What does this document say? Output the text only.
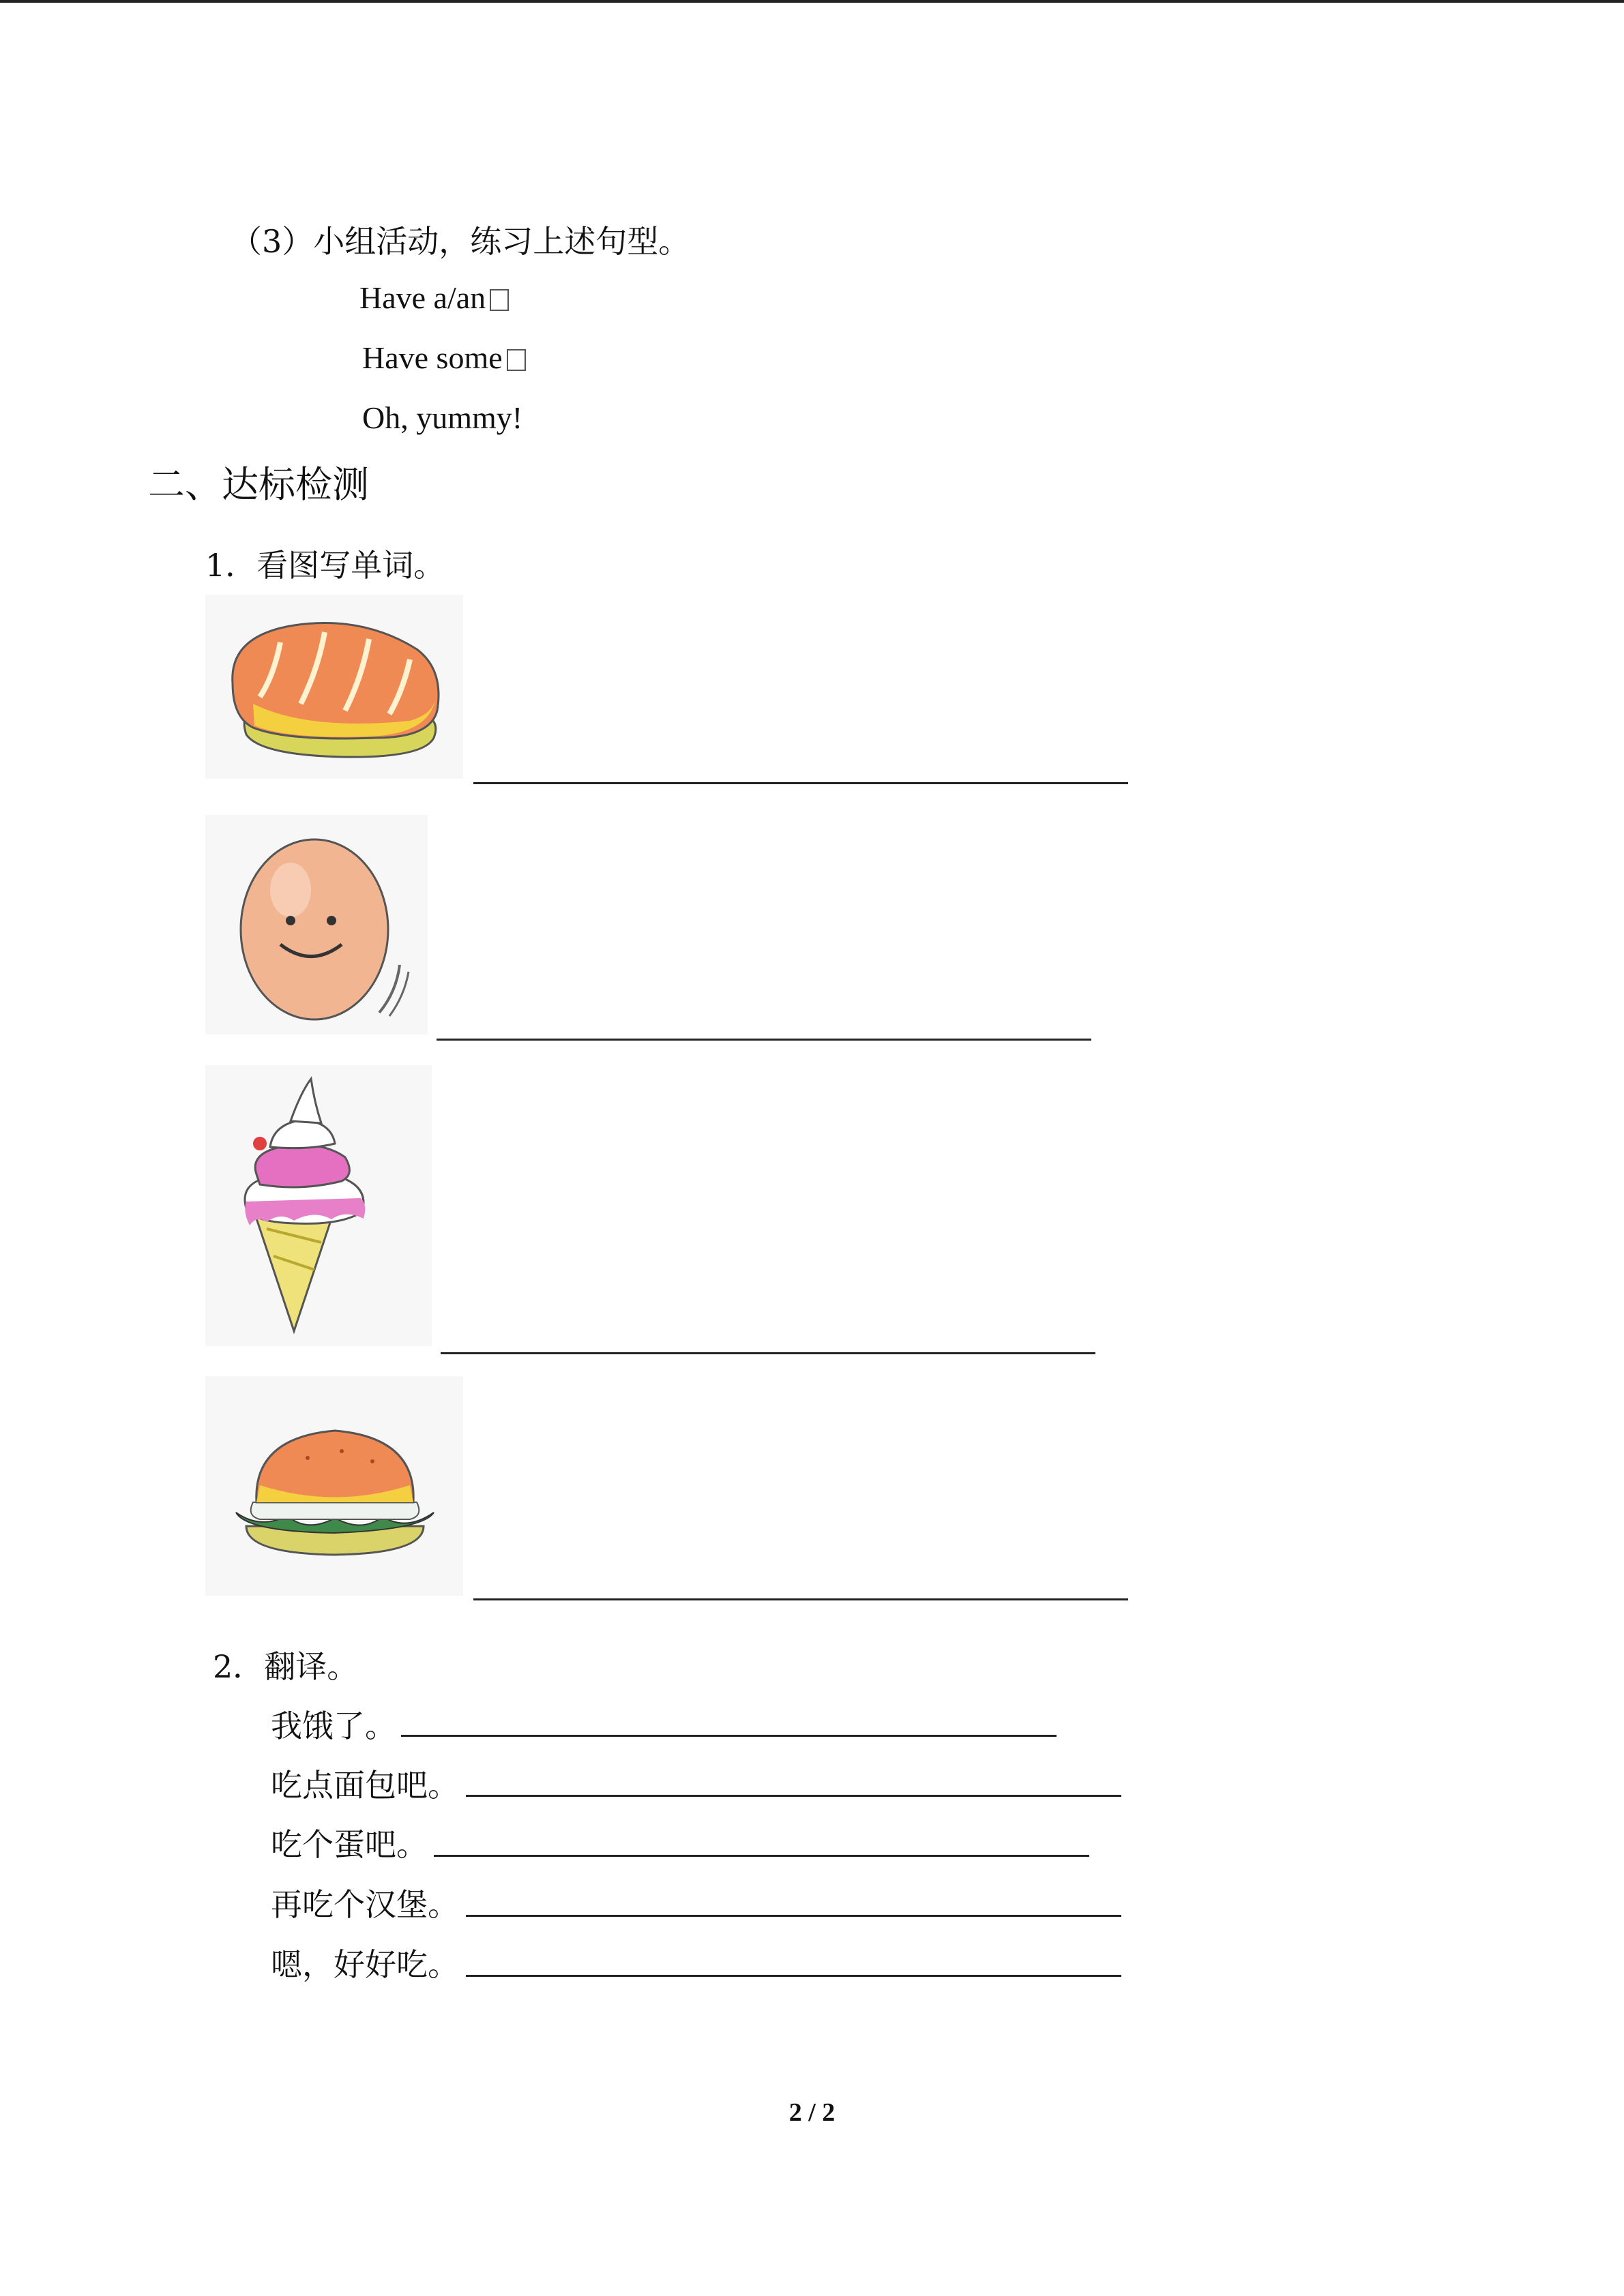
（3）小组活动，练习上述句型。
Have a/an
Have some
Oh, yummy!
二、达标检测
1．看图写单词。
2．翻译。
我饿了。
吃点面包吧。
吃个蛋吧。
再吃个汉堡。
嗯，好好吃。
2 / 2
